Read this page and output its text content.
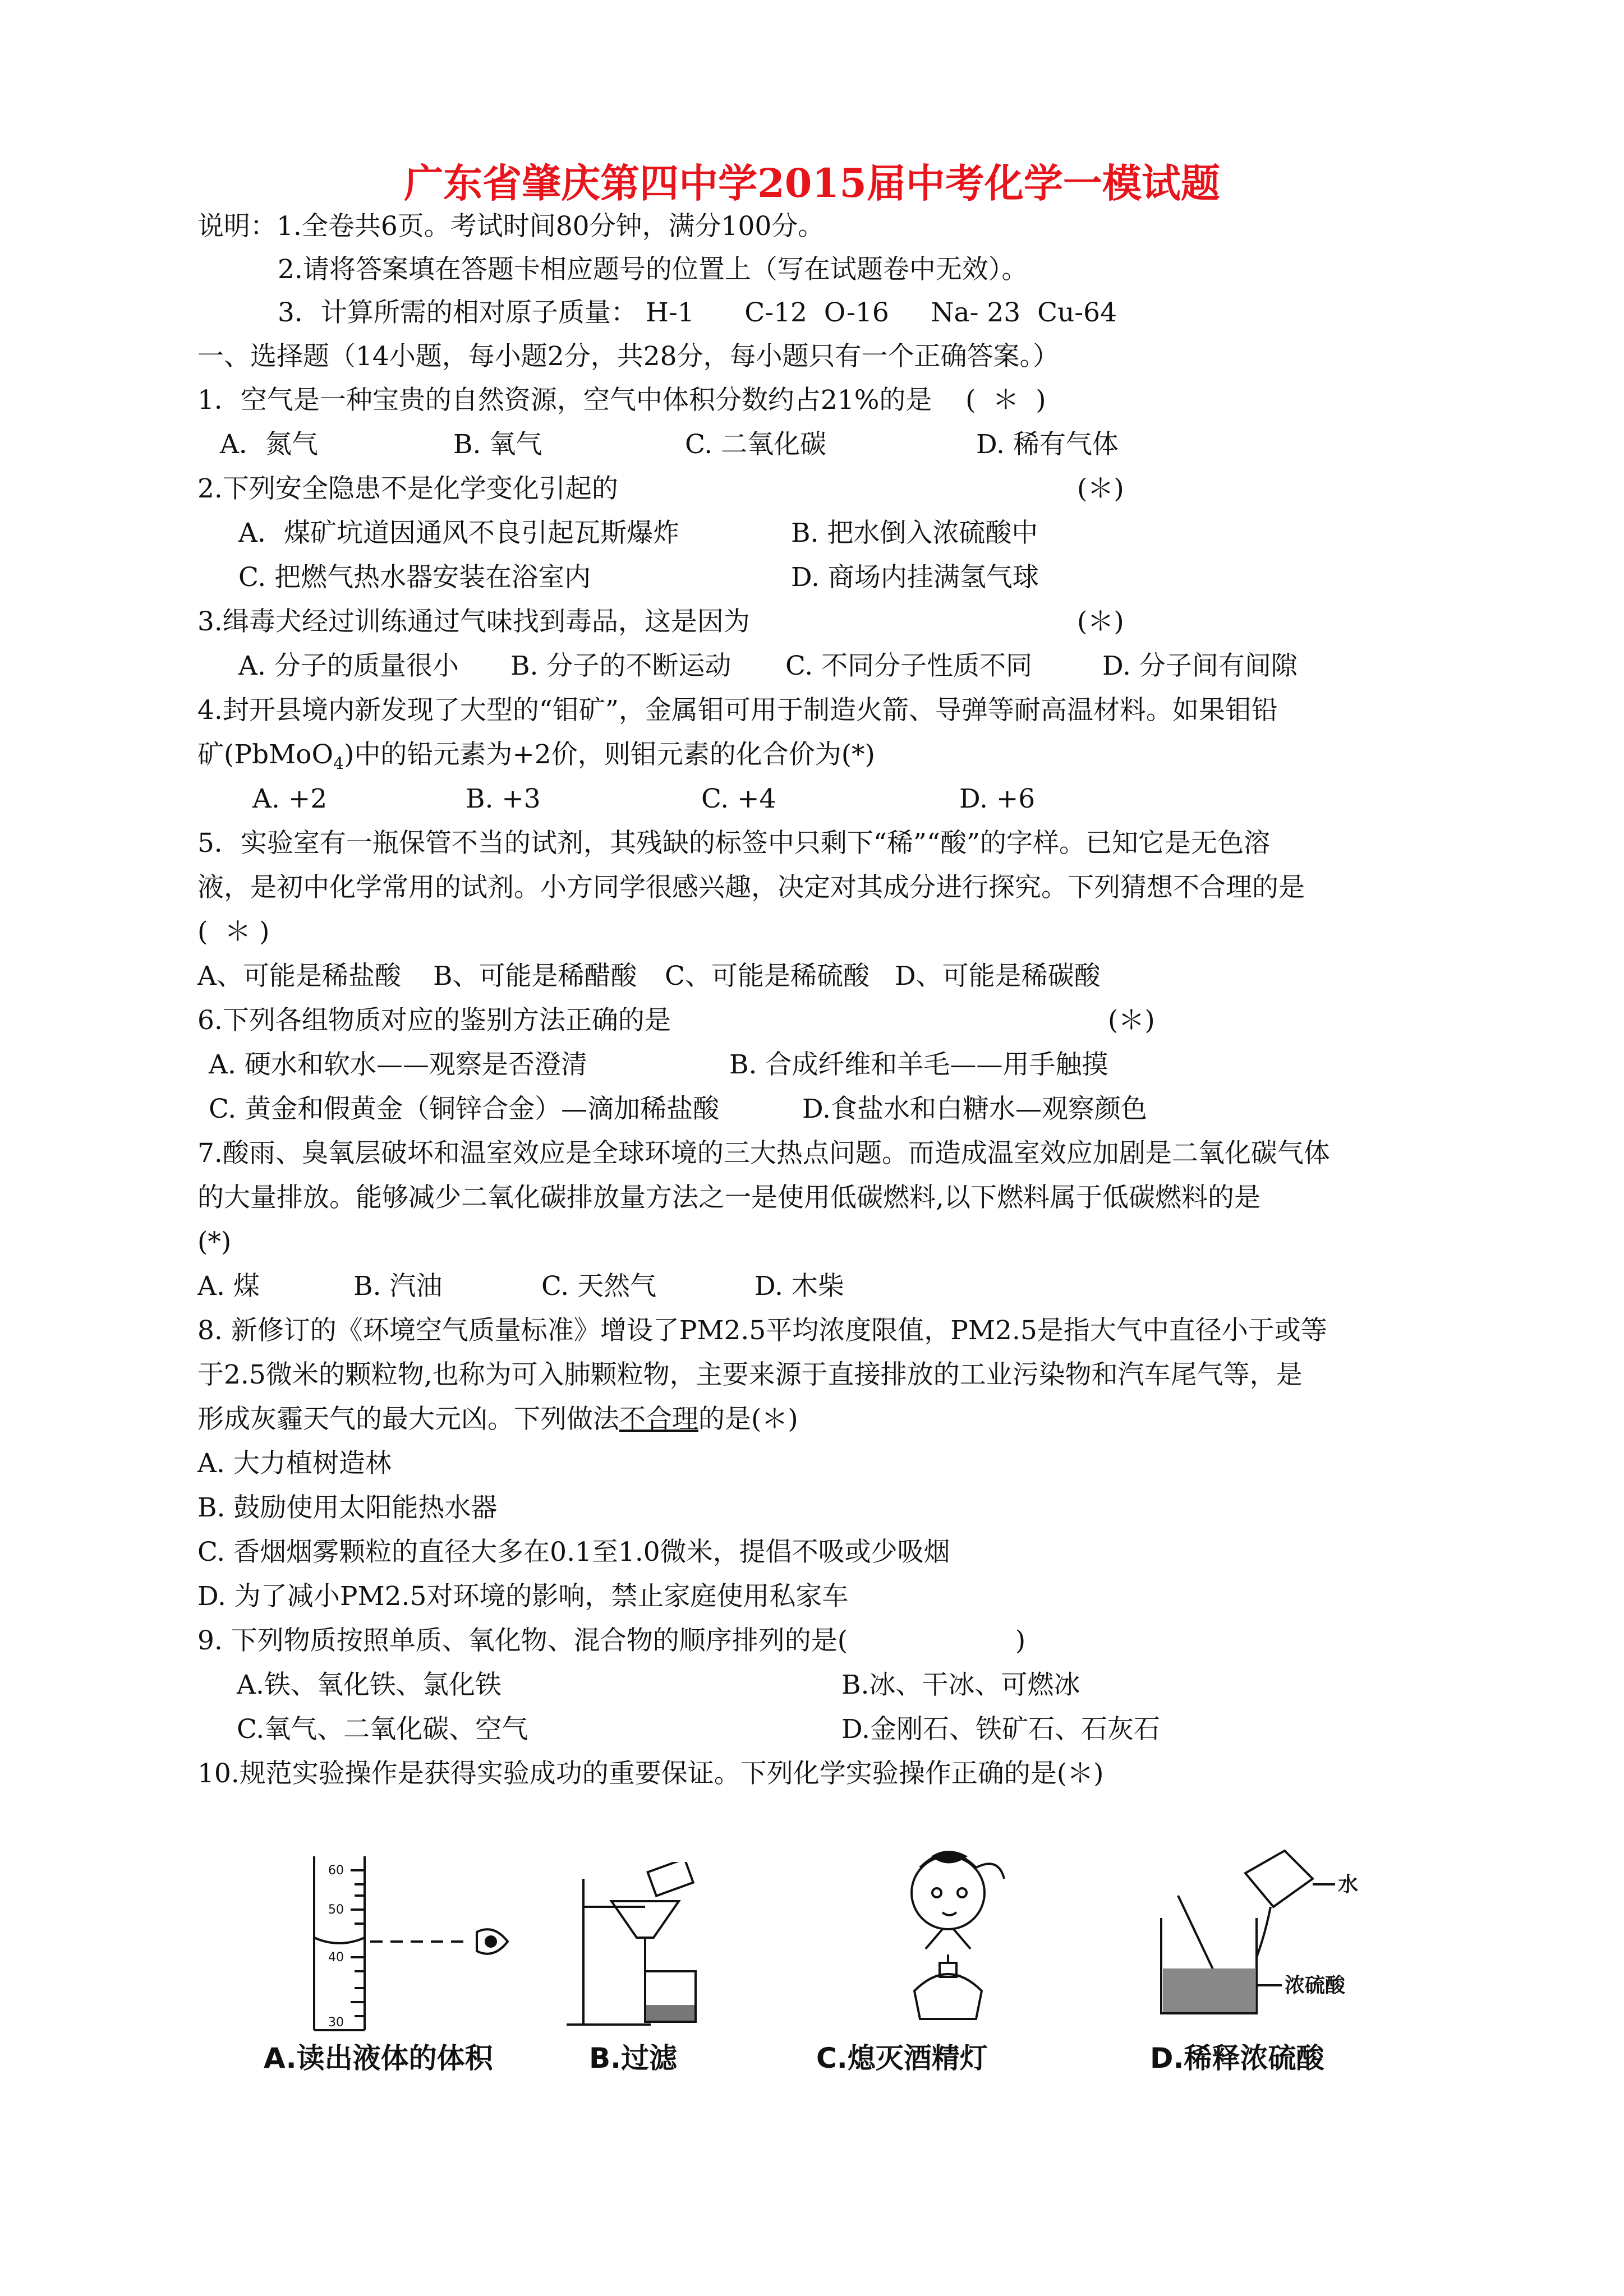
广东省肇庆第四中学2015届中考化学一模试题
说明：1.全卷共6页。考试时间80分钟，满分100分。
2.请将答案填在答题卡相应题号的位置上（写在试题卷中无效）。
3．计算所需的相对原子质量： H-1      C-12  O-16     Na- 23  Cu-64
一、选择题（14小题，每小题2分，共28分，每小题只有一个正确答案。）
1．空气是一种宝贵的自然资源，空气中体积分数约占21%的是    (  ＊  )
A．氮气	B. 氧气	C. 二氧化碳	D. 稀有气体
2.下列安全隐患不是化学变化引起的	(＊)
A．煤矿坑道因通风不良引起瓦斯爆炸	B. 把水倒入浓硫酸中
C. 把燃气热水器安装在浴室内	D. 商场内挂满氢气球
3.缉毒犬经过训练通过气味找到毒品，这是因为	(＊)
A. 分子的质量很小 B. 分子的不断运动 C. 不同分子性质不同	D. 分子间有间隙
4.封开县境内新发现了大型的“钼矿”，金属钼可用于制造火箭、导弹等耐高温材料。如果钼铅
矿(PbMoO$_4$)中的铅元素为+2价，则钼元素的化合价为(*)
A. +2	B. +3	C. +4	D. +6
5．实验室有一瓶保管不当的试剂，其残缺的标签中只剩下“稀”“酸”的字样。已知它是无色溶
液，是初中化学常用的试剂。小方同学很感兴趣，决定对其成分进行探究。下列猜想不合理的是
(  ＊ )
A、可能是稀盐酸 B、可能是稀醋酸 C、可能是稀硫酸 D、可能是稀碳酸
6.下列各组物质对应的鉴别方法正确的是	(＊)
A. 硬水和软水——观察是否澄清	B. 合成纤维和羊毛——用手触摸
C. 黄金和假黄金（铜锌合金）—滴加稀盐酸	D.食盐水和白糖水—观察颜色
7.酸雨、臭氧层破坏和温室效应是全球环境的三大热点问题。而造成温室效应加剧是二氧化碳气体
的大量排放。能够减少二氧化碳排放量方法之一是使用低碳燃料,以下燃料属于低碳燃料的是
(*)
A. 煤	B. 汽油	C. 天然气	D. 木柴
8. 新修订的《环境空气质量标准》增设了PM2.5平均浓度限值，PM2.5是指大气中直径小于或等
于2.5微米的颗粒物,也称为可入肺颗粒物，主要来源于直接排放的工业污染物和汽车尾气等，是
形成灰霾天气的最大元凶。下列做法不合理的是(＊)
A. 大力植树造林
B. 鼓励使用太阳能热水器
C. 香烟烟雾颗粒的直径大多在0.1至1.0微米，提倡不吸或少吸烟
D. 为了减小PM2.5对环境的影响，禁止家庭使用私家车
9. 下列物质按照单质、氧化物、混合物的顺序排列的是(                    )
A.铁、氧化铁、氯化铁	B.冰、干冰、可燃冰
C.氧气、二氧化碳、空气	D.金刚石、铁矿石、石灰石
10.规范实验操作是获得实验成功的重要保证。下列化学实验操作正确的是(＊)
60
50
40
30
A.读出液体的体积	B.过滤	C.熄灭酒精灯
水
浓硫酸
D.稀释浓硫酸
